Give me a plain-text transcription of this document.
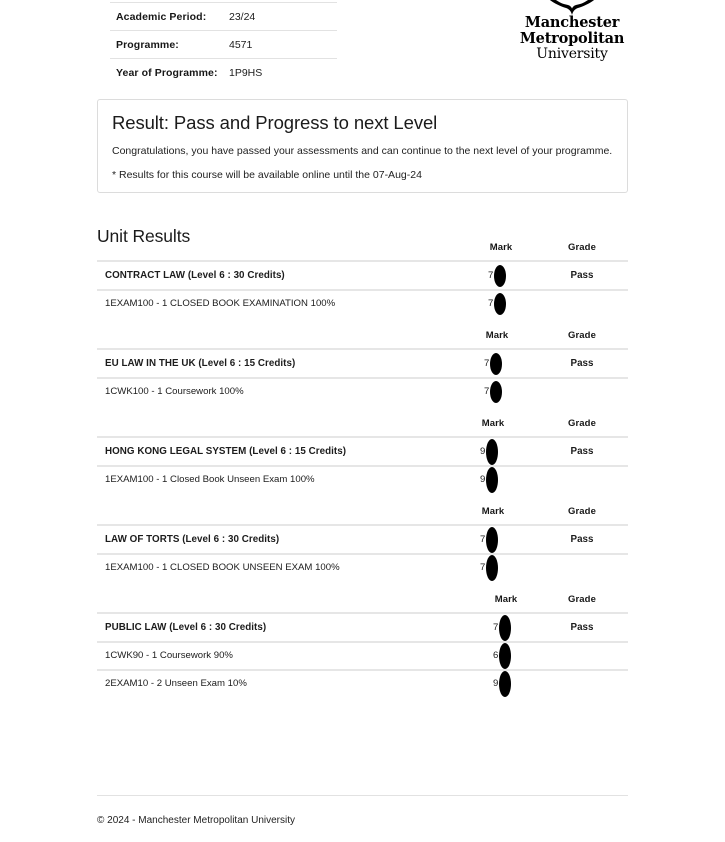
Academic Period:	23/24
Programme:	4571
Year of Programme:	1P9HS
Manchester
Metropolitan
University
Result: Pass and Progress to next Level

Congratulations, you have passed your assessments and can continue to the next level of your programme.

* Results for this course will be available online until the 07-Aug-24

Unit Results
	Mark	Grade
CONTRACT LAW (Level 6 : 30 Credits)	7	Pass
1EXAM100 - 1 CLOSED BOOK EXAMINATION 100%	7

	Mark	Grade
EU LAW IN THE UK (Level 6 : 15 Credits)	7	Pass
1CWK100 - 1 Coursework 100%	7

	Mark	Grade
HONG KONG LEGAL SYSTEM (Level 6 : 15 Credits)	9	Pass
1EXAM100 - 1 Closed Book Unseen Exam 100%	9

	Mark	Grade
LAW OF TORTS (Level 6 : 30 Credits)	7	Pass
1EXAM100 - 1 CLOSED BOOK UNSEEN EXAM 100%	7

	Mark	Grade
PUBLIC LAW (Level 6 : 30 Credits)	7	Pass
1CWK90 - 1 Coursework 90%	6

2EXAM10 - 2 Unseen Exam 10%	9

© 2024 - Manchester Metropolitan University
